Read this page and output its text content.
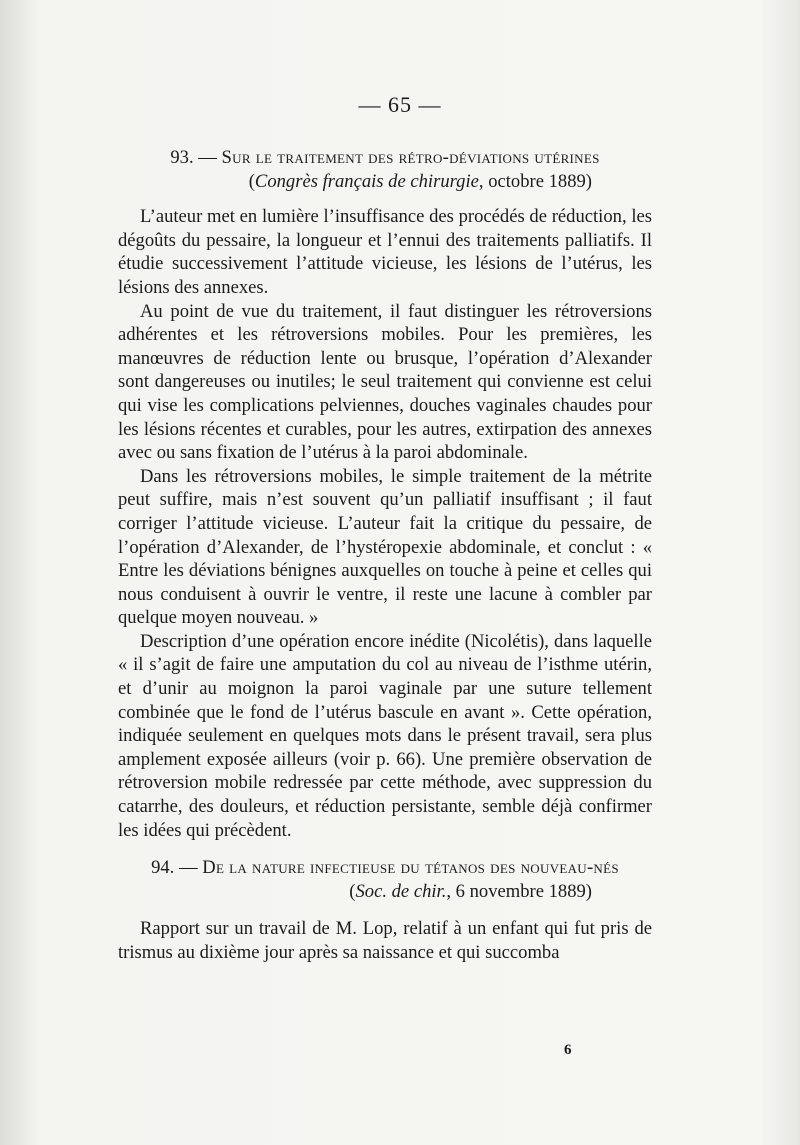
— 65 —
93. — Sur le traitement des rétro-déviations utérines
(Congrès français de chirurgie, octobre 1889)

L’auteur met en lumière l’insuffisance des procédés de réduction, les dégoûts du pessaire, la longueur et l’ennui des traitements palliatifs. Il étudie successivement l’attitude vicieuse, les lésions de l’utérus, les lésions des annexes.

Au point de vue du traitement, il faut distinguer les rétroversions adhérentes et les rétroversions mobiles. Pour les premières, les manœuvres de réduction lente ou brusque, l’opération d’Alexander sont dangereuses ou inutiles; le seul traitement qui convienne est celui qui vise les complications pelviennes, douches vaginales chaudes pour les lésions récentes et curables, pour les autres, extirpation des annexes avec ou sans fixation de l’utérus à la paroi abdominale.

Dans les rétroversions mobiles, le simple traitement de la métrite peut suffire, mais n’est souvent qu’un palliatif insuffisant ; il faut corriger l’attitude vicieuse. L’auteur fait la critique du pessaire, de l’opération d’Alexander, de l’hystéropexie abdominale, et conclut : « Entre les déviations bénignes auxquelles on touche à peine et celles qui nous conduisent à ouvrir le ventre, il reste une lacune à combler par quelque moyen nouveau. »

Description d’une opération encore inédite (Nicolétis), dans laquelle « il s’agit de faire une amputation du col au niveau de l’isthme utérin, et d’unir au moignon la paroi vaginale par une suture tellement combinée que le fond de l’utérus bascule en avant ». Cette opération, indiquée seulement en quelques mots dans le présent travail, sera plus amplement exposée ailleurs (voir p. 66). Une première observation de rétroversion mobile redressée par cette méthode, avec suppression du catarrhe, des douleurs, et réduction persistante, semble déjà confirmer les idées qui précèdent.

94. — De la nature infectieuse du tétanos des nouveau-nés
(Soc. de chir., 6 novembre 1889)

Rapport sur un travail de M. Lop, relatif à un enfant qui fut pris de trismus au dixième jour après sa naissance et qui succomba

6
